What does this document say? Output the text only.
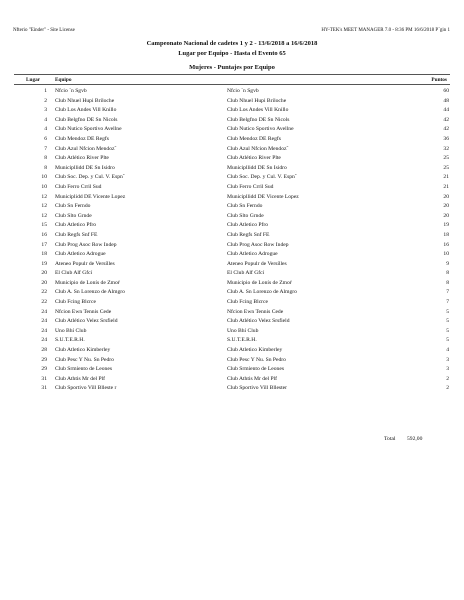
Nfterio "Einder" - Site License	HY-TEK's MEET MANAGER 7.0 - 8:36 PM 16/6/2018 P´gin 1
Campeonato Nacional de cadetes 1 y 2 - 13/6/2018 a 16/6/2018
Lugar por Equipo - Hasta el Evento 65
Mujeres - Puntajes por Equipo
Lugar	Equipo	Puntos
1 Nfcio ´n Sgvb	Nfcio ´n Sgvb	60
2 Club Nhuel Hupi Briloche	Club Nhuel Hupi Briloche	48
3 Club Los Andes Vill Knillo	Club Los Andes Vill Knillo	44
4 Club Belgfno DE Sn Nicols	Club Belgfno DE Sn Nicols	42
4 Club Nutico Sportivo Avellne	Club Nutico Sportivo Avellne	42
6 Club Mendoz DE Regfs	Club Mendoz DE Regfs	36
7 Club Azul Nfcion Mendozˆ	Club Azul Nfcion Mendozˆ	32
8 Club Atlético River Plte	Club Atlético River Plte	25
8 Municipllidd DE Sn Isidro	Municipllidd DE Sn Isidro	25
10 Club Soc. Dep. y Cul. V. Espn˜	Club Soc. Dep. y Cul. V. Espn˜	21
10 Club Ferro Crril Sud	Club Ferro Crril Sud	21
12 Municiplidd DE Vicente Lopez	Municipllidd DE Vicente Lopez	20
12 Club Sn Ferndo	Club Sn Ferndo	20
12 Club Slto Grnde	Club Slto Grnde	20
15 Club Atletico Pfro	Club Atletico Pfro	19
16 Club Regfs Snf FE	Club Regfs Snf FE	18
17 Club Prog Asoc Row Indep	Club Prog Asoc Row Indep	16
18 Club Atletico Adrogue	Club Atletico Adrogue	10
19 Ateneo Populr de Versílles	Ateneo Populr de Versílles	9
20 El Club Alf Gfcí	El Club Alf Gfcí	8
20 Municipio de Lonís de Zmoŕ	Municipio de Lonís de Zmoŕ	8
22 Club A. Sn Lorenzo de Almgro	Club A. Sn Lorenzo de Almgro	7
22 Club Fcing Blcrce	Club Fcing Blcrce	7
24 Nfcion Ewn Tennis Cede	Nfcion Ewn Tennis Cede	5
24 Club Atlético Velez Srsfield	Club Atlético Velez Srsfield	5
24 Uno Bhí Club	Uno Bhí Club	5
24 S.U.T.E.R.H.	S.U.T.E.R.H.	5
28 Club Atletico Kimberley	Club Atletico Kimberley	4
29 Club Pesc Y Nu. Sn Pedro	Club Pesc Y Nu. Sn Pedro	3
29 Club Srmiento de Leones	Club Srmiento de Leones	3
31 Club Athtis Mr del Plf	Club Athtis Mr del Plf	2
31 Club Sportivo Vill Blleste r	Club Sportivo Vill Bllester	2
Total 592,00
